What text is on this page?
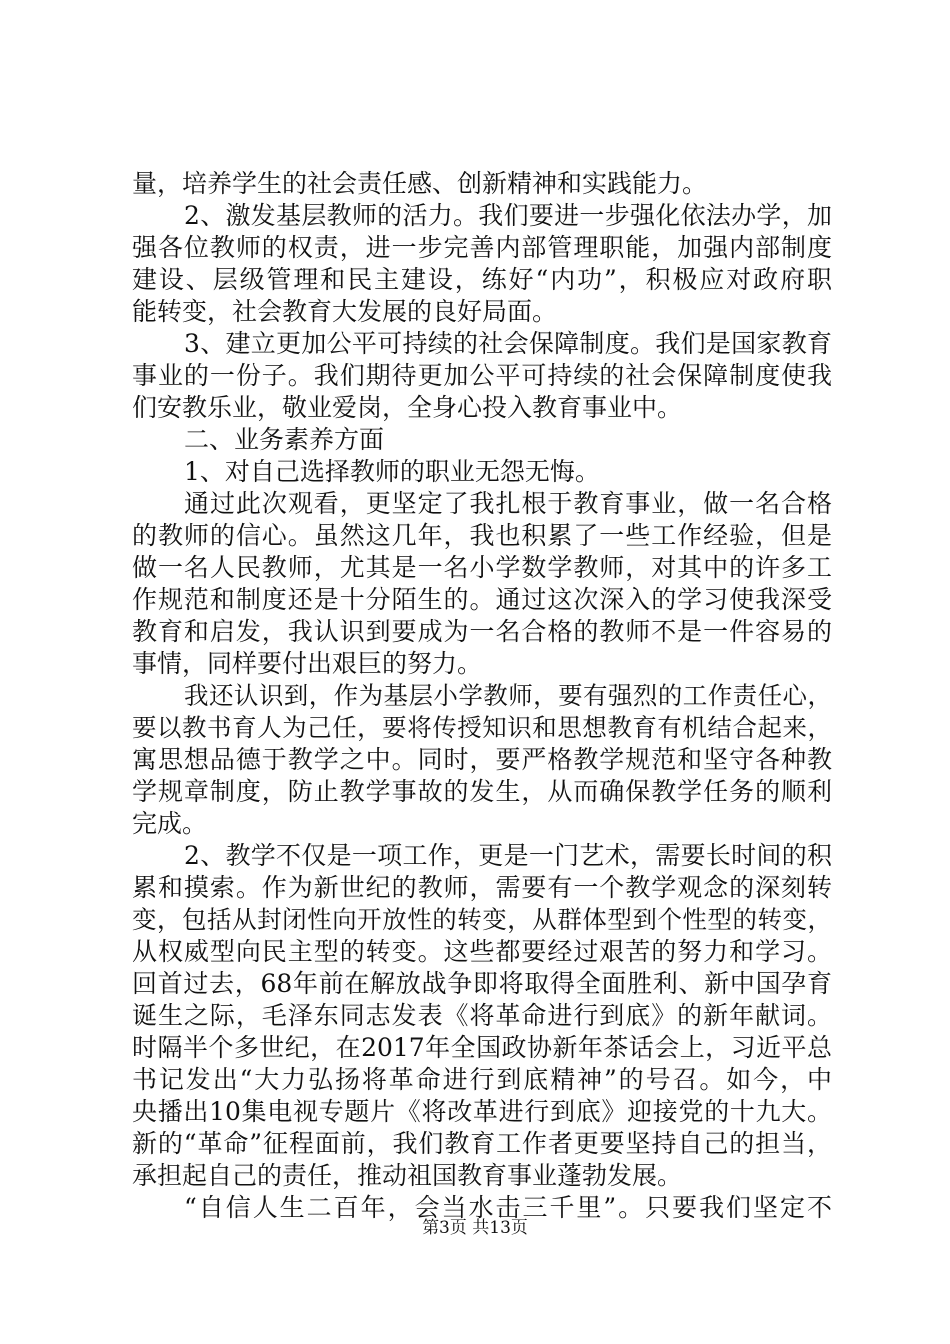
量，培养学生的社会责任感、创新精神和实践能力。
2、激发基层教师的活力。我们要进一步强化依法办学，加
强各位教师的权责，进一步完善内部管理职能，加强内部制度
建设、层级管理和民主建设，练好“内功”，积极应对政府职
能转变，社会教育大发展的良好局面。
3、建立更加公平可持续的社会保障制度。我们是国家教育
事业的一份子。我们期待更加公平可持续的社会保障制度使我
们安教乐业，敬业爱岗，全身心投入教育事业中。
二、业务素养方面
1、对自己选择教师的职业无怨无悔。
通过此次观看，更坚定了我扎根于教育事业，做一名合格
的教师的信心。虽然这几年，我也积累了一些工作经验，但是
做一名人民教师，尤其是一名小学数学教师，对其中的许多工
作规范和制度还是十分陌生的。通过这次深入的学习使我深受
教育和启发，我认识到要成为一名合格的教师不是一件容易的
事情，同样要付出艰巨的努力。
我还认识到，作为基层小学教师，要有强烈的工作责任心，
要以教书育人为己任，要将传授知识和思想教育有机结合起来，
寓思想品德于教学之中。同时，要严格教学规范和坚守各种教
学规章制度，防止教学事故的发生，从而确保教学任务的顺利
完成。
2、教学不仅是一项工作，更是一门艺术，需要长时间的积
累和摸索。作为新世纪的教师，需要有一个教学观念的深刻转
变，包括从封闭性向开放性的转变，从群体型到个性型的转变，
从权威型向民主型的转变。这些都要经过艰苦的努力和学习。
回首过去，68年前在解放战争即将取得全面胜利、新中国孕育
诞生之际，毛泽东同志发表《将革命进行到底》的新年献词。
时隔半个多世纪，在2017年全国政协新年茶话会上，习近平总
书记发出“大力弘扬将革命进行到底精神”的号召。如今，中
央播出10集电视专题片《将改革进行到底》迎接党的十九大。
新的“革命”征程面前，我们教育工作者更要坚持自己的担当，
承担起自己的责任，推动祖国教育事业蓬勃发展。
“自信人生二百年，会当水击三千里”。只要我们坚定不
第3页 共13页
